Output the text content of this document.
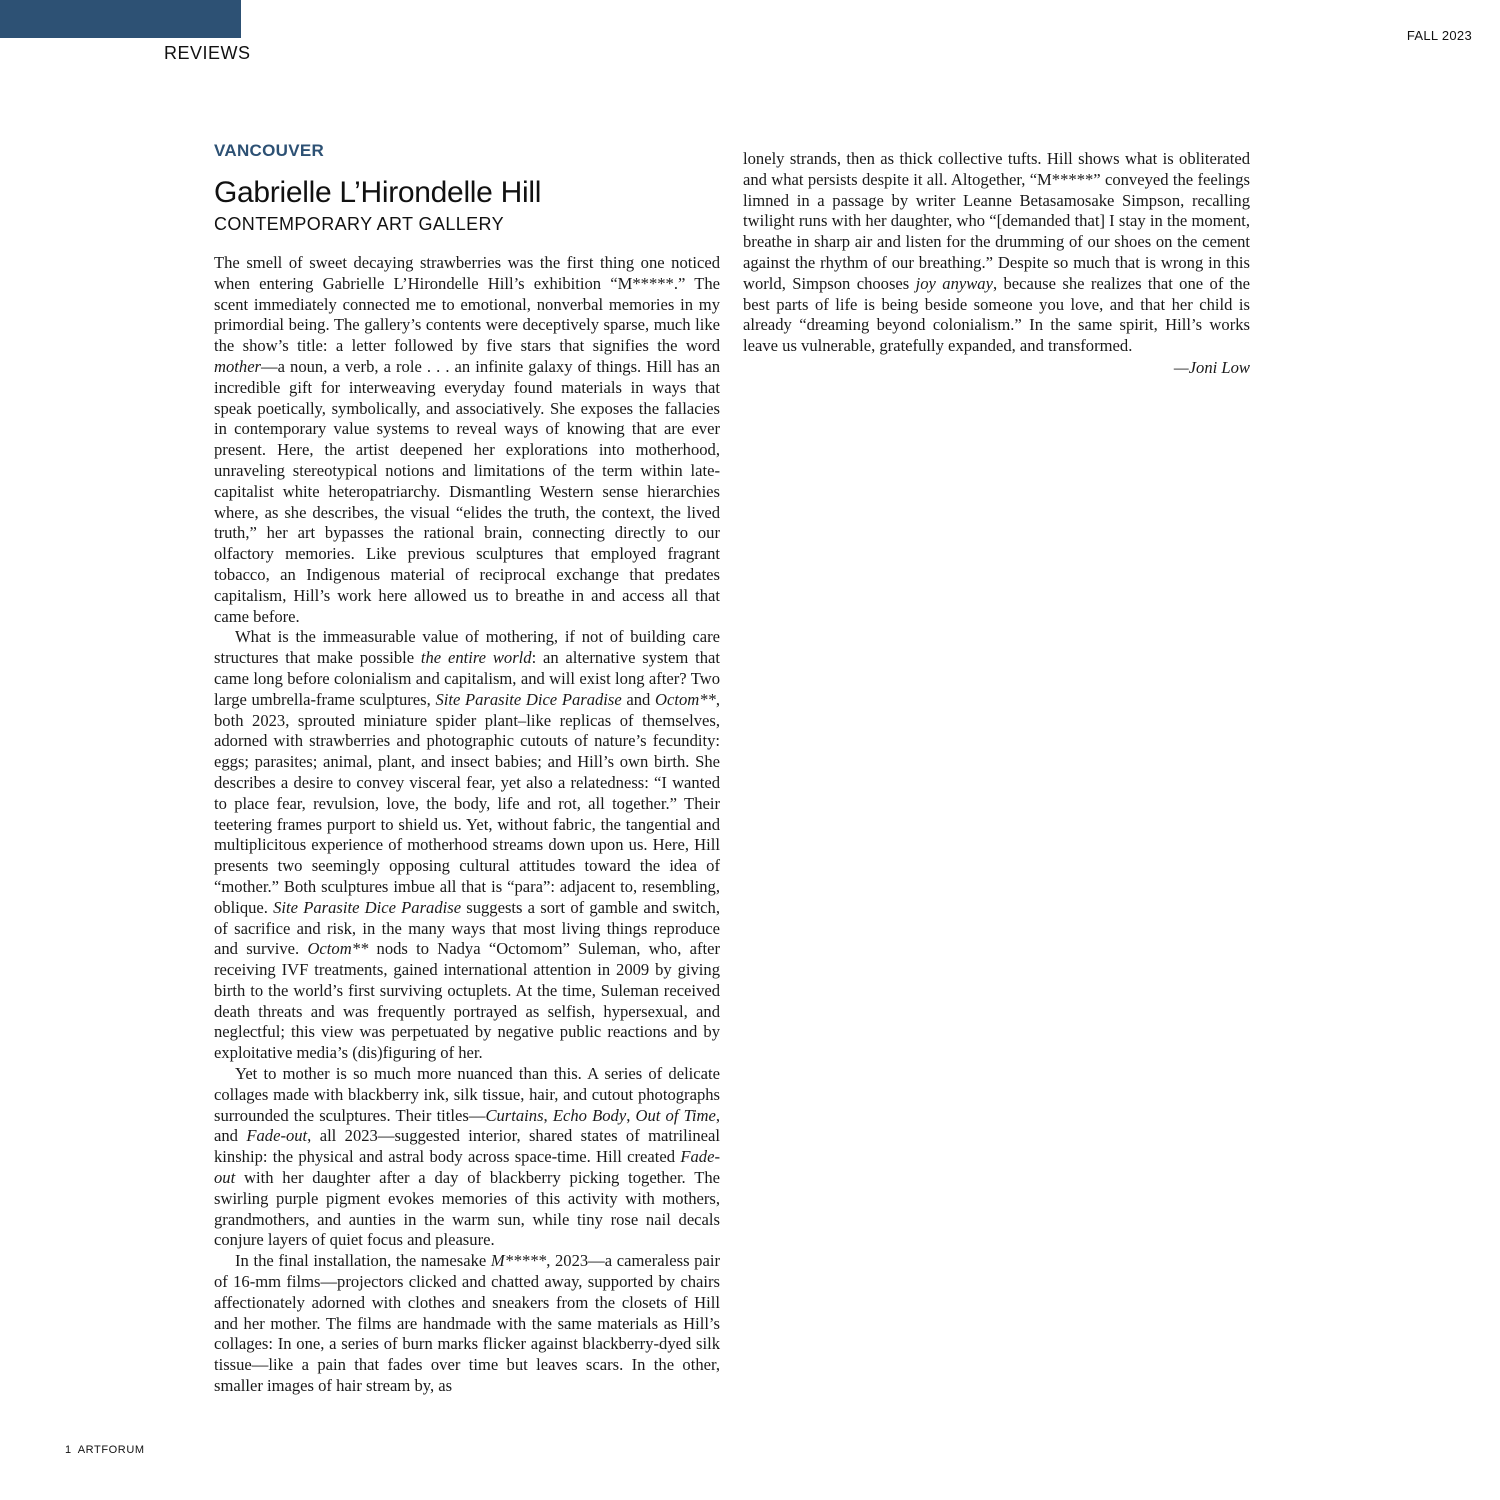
REVIEWS
FALL 2023
VANCOUVER
Gabrielle L’Hirondelle Hill
CONTEMPORARY ART GALLERY

The smell of sweet decaying strawberries was the first thing one noticed when entering Gabrielle L’Hirondelle Hill’s exhibition “M*****.” The scent immediately connected me to emotional, nonverbal memories in my primordial being. The gallery’s contents were deceptively sparse, much like the show’s title: a letter followed by five stars that signifies the word mother—a noun, a verb, a role . . . an infinite galaxy of things. Hill has an incredible gift for interweaving everyday found materials in ways that speak poetically, symbolically, and associatively. She exposes the fallacies in contemporary value systems to reveal ways of knowing that are ever present. Here, the artist deepened her explorations into motherhood, unraveling stereotypical notions and limitations of the term within late-capitalist white heteropatriarchy. Dismantling Western sense hierarchies where, as she describes, the visual “elides the truth, the context, the lived truth,” her art bypasses the rational brain, connecting directly to our olfactory memories. Like previous sculptures that employed fragrant tobacco, an Indigenous material of reciprocal exchange that predates capitalism, Hill’s work here allowed us to breathe in and access all that came before.

What is the immeasurable value of mothering, if not of building care structures that make possible the entire world: an alternative system that came long before colonialism and capitalism, and will exist long after? Two large umbrella-frame sculptures, Site Parasite Dice Paradise and Octom**, both 2023, sprouted miniature spider plant–like replicas of themselves, adorned with strawberries and photographic cutouts of nature’s fecundity: eggs; parasites; animal, plant, and insect babies; and Hill’s own birth. She describes a desire to convey visceral fear, yet also a relatedness: “I wanted to place fear, revulsion, love, the body, life and rot, all together.” Their teetering frames purport to shield us. Yet, without fabric, the tangential and multiplicitous experience of motherhood streams down upon us. Here, Hill presents two seemingly opposing cultural attitudes toward the idea of “mother.” Both sculptures imbue all that is “para”: adjacent to, resembling, oblique. Site Parasite Dice Paradise suggests a sort of gamble and switch, of sacrifice and risk, in the many ways that most living things reproduce and survive. Octom** nods to Nadya “Octomom” Suleman, who, after receiving IVF treatments, gained international attention in 2009 by giving birth to the world’s first surviving octuplets. At the time, Suleman received death threats and was frequently portrayed as selfish, hypersexual, and neglectful; this view was perpetuated by negative public reactions and by exploitative media’s (dis)figuring of her.

Yet to mother is so much more nuanced than this. A series of delicate collages made with blackberry ink, silk tissue, hair, and cutout photographs surrounded the sculptures. Their titles—Curtains, Echo Body, Out of Time, and Fade-out, all 2023—suggested interior, shared states of matrilineal kinship: the physical and astral body across space-time. Hill created Fade-out with her daughter after a day of blackberry picking together. The swirling purple pigment evokes memories of this activity with mothers, grandmothers, and aunties in the warm sun, while tiny rose nail decals conjure layers of quiet focus and pleasure.

In the final installation, the namesake M*****, 2023—a cameraless pair of 16-mm films—projectors clicked and chatted away, supported by chairs affectionately adorned with clothes and sneakers from the closets of Hill and her mother. The films are handmade with the same materials as Hill’s collages: In one, a series of burn marks flicker against blackberry-dyed silk tissue—like a pain that fades over time but leaves scars. In the other, smaller images of hair stream by, as

lonely strands, then as thick collective tufts. Hill shows what is obliterated and what persists despite it all. Altogether, “M*****” conveyed the feelings limned in a passage by writer Leanne Betasamosake Simpson, recalling twilight runs with her daughter, who “[demanded that] I stay in the moment, breathe in sharp air and listen for the drumming of our shoes on the cement against the rhythm of our breathing.” Despite so much that is wrong in this world, Simpson chooses joy anyway, because she realizes that one of the best parts of life is being beside someone you love, and that her child is already “dreaming beyond colonialism.” In the same spirit, Hill’s works leave us vulnerable, gratefully expanded, and transformed.

—Joni Low
1 ARTFORUM
